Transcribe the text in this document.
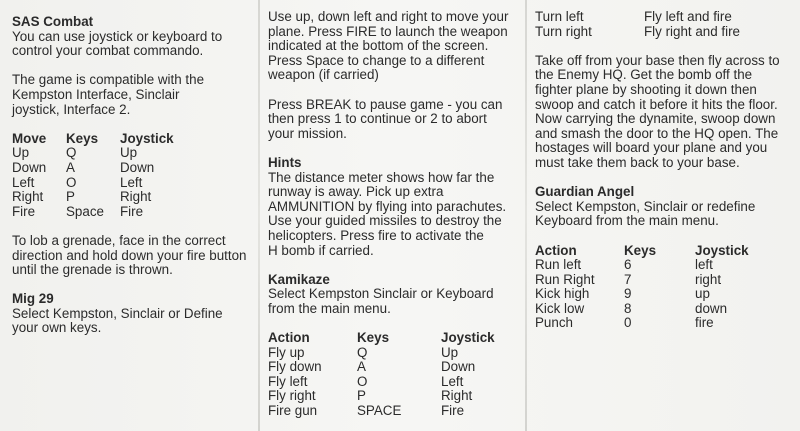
SAS Combat

You can use joystick or keyboard to

control your combat commando.

The game is compatible with the

Kempston Interface, Sinclair

joystick, Interface 2.

Move	Keys	Joystick
Up	Q	Up
Down	A	Down
Left	O	Left
Right	P	Right
Fire	Space	Fire

To lob a grenade, face in the correct

direction and hold down your fire button

until the grenade is thrown.

Mig 29

Select Kempston, Sinclair or Define

your own keys.

Use up, down left and right to move your

plane. Press FIRE to launch the weapon

indicated at the bottom of the screen.

Press Space to change to a different

weapon (if carried)

Press BREAK to pause game - you can

then press 1 to continue or 2 to abort

your mission.

Hints

The distance meter shows how far the

runway is away. Pick up extra

AMMUNITION by flying into parachutes.

Use your guided missiles to destroy the

helicopters. Press fire to activate the

H bomb if carried.

Kamikaze

Select Kempston Sinclair or Keyboard

from the main menu.

Action	Keys	Joystick
Fly up	Q	Up
Fly down	A	Down
Fly left	O	Left
Fly right	P	Right
Fire gun	SPACE	Fire
Turn left	Fly left and fire
Turn right	Fly right and fire

Take off from your base then fly across to

the Enemy HQ. Get the bomb off the

fighter plane by shooting it down then

swoop and catch it before it hits the floor.

Now carrying the dynamite, swoop down

and smash the door to the HQ open. The

hostages will board your plane and you

must take them back to your base.

Guardian Angel

Select Kempston, Sinclair or redefine

Keyboard from the main menu.

Action	Keys	Joystick
Run left	6	left
Run Right	7	right
Kick high	9	up
Kick low	8	down
Punch	0	fire
